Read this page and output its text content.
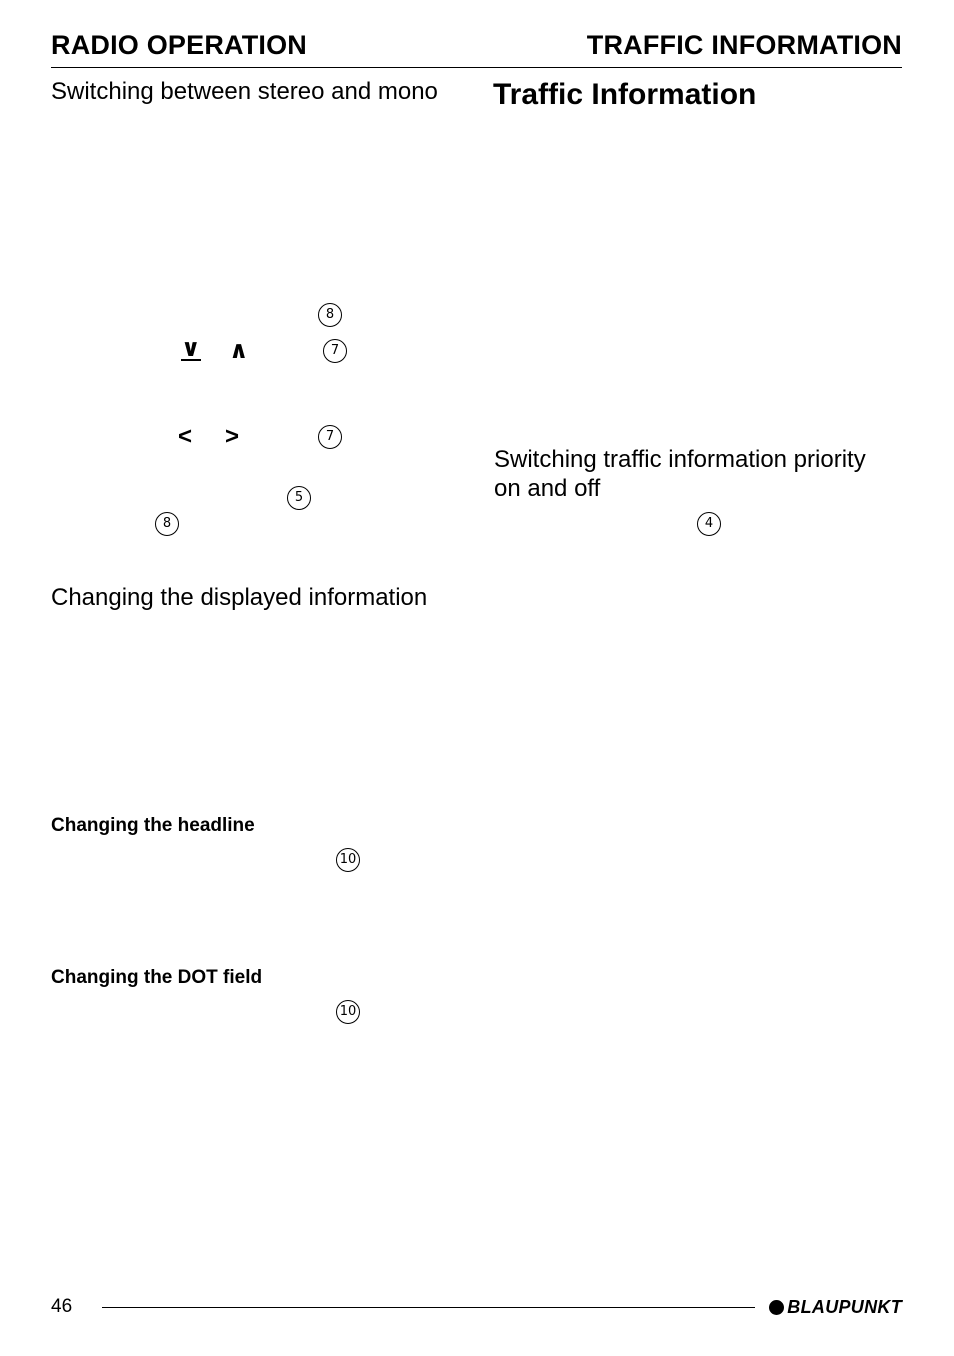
RADIO OPERATION	TRAFFIC INFORMATION
Switching between stereo and mono
8
∨ ∧	7
< >	7
5
8
Changing the displayed information
Changing the headline
10
Changing the DOT field
10
Traffic Information
Switching traffic information priority on and off
4
46	BLAUPUNKT
